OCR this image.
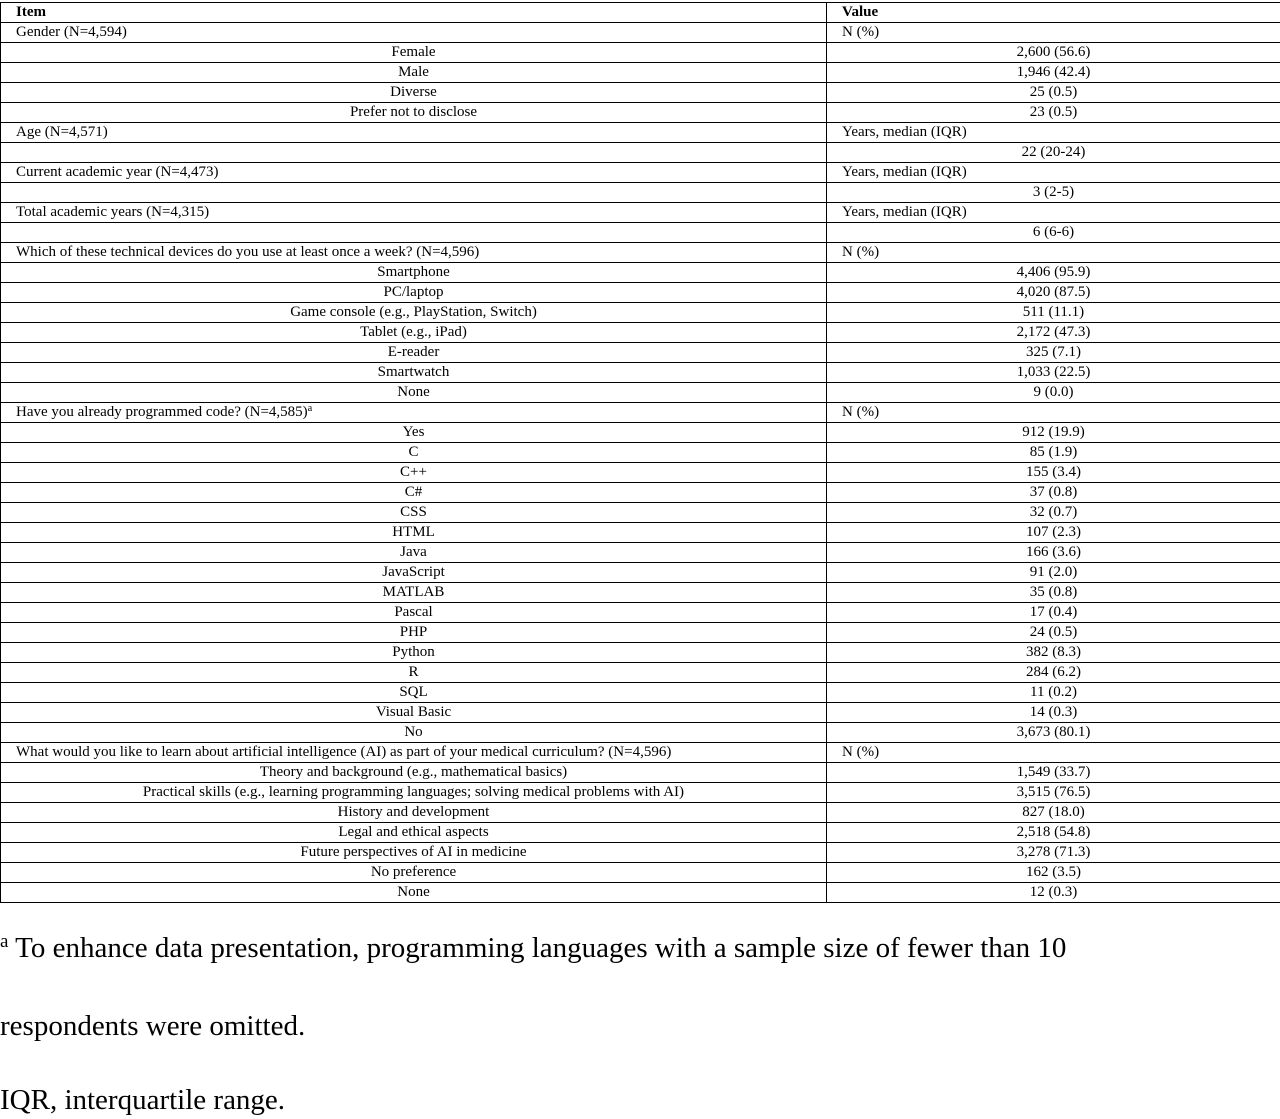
Item	Value
Gender (N=4,594)	N (%)
Female	2,600 (56.6)
Male	1,946 (42.4)
Diverse	25 (0.5)
Prefer not to disclose	23 (0.5)
Age (N=4,571)	Years, median (IQR)
	22 (20-24)
Current academic year (N=4,473)	Years, median (IQR)
	3 (2-5)
Total academic years (N=4,315)	Years, median (IQR)
	6 (6-6)
Which of these technical devices do you use at least once a week? (N=4,596)	N (%)
Smartphone	4,406 (95.9)
PC/laptop	4,020 (87.5)
Game console (e.g., PlayStation, Switch)	511 (11.1)
Tablet (e.g., iPad)	2,172 (47.3)
E-reader	325 (7.1)
Smartwatch	1,033 (22.5)
None	9 (0.0)
Have you already programmed code? (N=4,585)$^a$	N (%)
Yes	912 (19.9)
C	85 (1.9)
C++	155 (3.4)
C#	37 (0.8)
CSS	32 (0.7)
HTML	107 (2.3)
Java	166 (3.6)
JavaScript	91 (2.0)
MATLAB	35 (0.8)
Pascal	17 (0.4)
PHP	24 (0.5)
Python	382 (8.3)
R	284 (6.2)
SQL	11 (0.2)
Visual Basic	14 (0.3)
No	3,673 (80.1)
What would you like to learn about artificial intelligence (AI) as part of your medical curriculum? (N=4,596)	N (%)
Theory and background (e.g., mathematical basics)	1,549 (33.7)
Practical skills (e.g., learning programming languages; solving medical problems with AI)	3,515 (76.5)
History and development	827 (18.0)
Legal and ethical aspects	2,518 (54.8)
Future perspectives of AI in medicine	3,278 (71.3)
No preference	162 (3.5)
None	12 (0.3)

$^a$ To enhance data presentation, programming languages with a sample size of fewer than 10

respondents were omitted.

IQR, interquartile range.
